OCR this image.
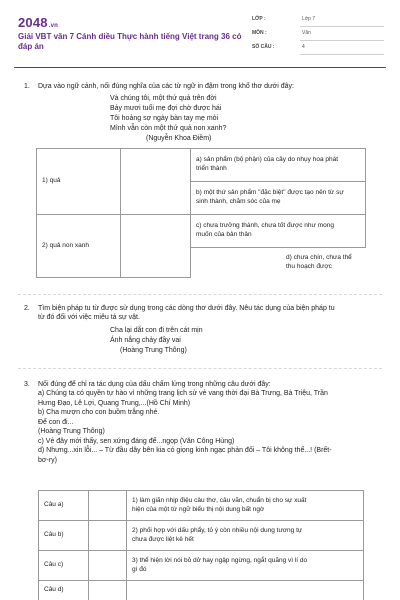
2048.vn
Giải VBT văn 7 Cánh diều Thực hành tiếng Việt trang 36 có đáp án
LỚP :	Lớp 7
MÔN :	Văn
SỐ CÂU :	4
1. Dựa vào ngữ cảnh, nối đúng nghĩa của các từ ngữ in đậm trong khổ thơ dưới đây:
Và chúng tôi, một thứ quả trên đời
Bảy mươi tuổi mẹ đợi chờ được hái
Tôi hoảng sợ ngày bàn tay mẹ mỏi
Mình vẫn còn một thứ quả non xanh?
(Nguyễn Khoa Điềm)
1) quả		a) sản phẩm (bộ phận) của cây do nhụy hoa phát
triển thành

		b) một thứ sản phẩm "đặc biệt" được tạo nên từ sự
sinh thành, chăm sóc của mẹ

2) quả non xanh		c) chưa trưởng thành, chưa tốt được như mong
muốn của bản thân

		d) chưa chín, chưa thể
thu hoạch được
2. Tìm biện pháp tu từ được sử dụng trong các dòng thơ dưới đây. Nêu tác dụng của biện pháp tu
từ đó đối với việc miêu tả sự vật.
Cha lại dắt con đi trên cát mịn
Ánh nắng chảy đầy vai
(Hoàng Trung Thông)
3. Nối đúng để chỉ ra tác dụng của dấu chấm lửng trong những câu dưới đây:
a) Chúng ta có quyền tự hào vì những trang lịch sử vẻ vang thời đại Bà Trưng, Bà Triệu, Trần
Hưng Đạo, Lê Lợi, Quang Trung,...(Hồ Chí Minh)
b) Cha mượn cho con buồm trắng nhé.
Để con đi...
(Hoàng Trung Thông)
c) Vẻ đây mới thấy, sen xứng đáng để...ngọp (Văn Công Hùng)
d) Nhưng...xin lỗi... – Từ đầu dây bên kia có giọng kinh ngạc phản đối – Tôi không thể...! (Brết-
bơ-ry)
Câu a)		1) làm giãn nhịp điệu câu thơ, câu văn, chuẩn bị cho sự xuất
hiện của một từ ngữ biểu thị nội dung bất ngờ

Câu b)		2) phối hợp với dấu phẩy, tỏ ý còn nhiều nội dung tương tự
chưa được liệt kê hết

Câu c)		3) thể hiện lời nói bỏ dở hay ngập ngừng, ngắt quãng vì lí do
gì đó

Câu d)		
